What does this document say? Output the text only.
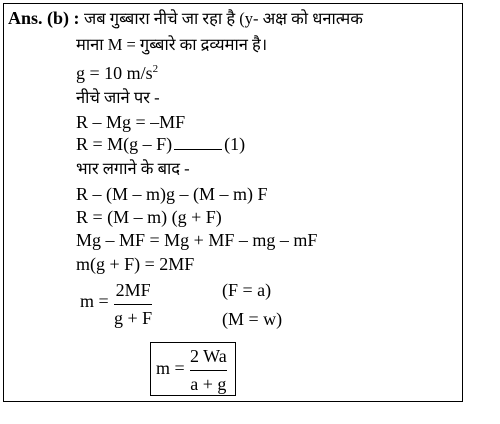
Ans. (b) : जब गुब्बारा नीचे जा रहा है (y- अक्ष को धनात्मक
माना M = गुब्बारे का द्रव्यमान है।
g = 10 $m/s^2$
नीचे जाने पर -
R – Mg = –MF
R = M(g – F)	(1)
भार लगाने के बाद -
R – (M – m)g – (M – m) F
R = (M – m) (g + F)
Mg – MF = Mg + MF – mg – mF
m(g + F) = 2MF
m =
2MF
g + F
(F = a)
(M = w)
m =
2 Wa
a + g
